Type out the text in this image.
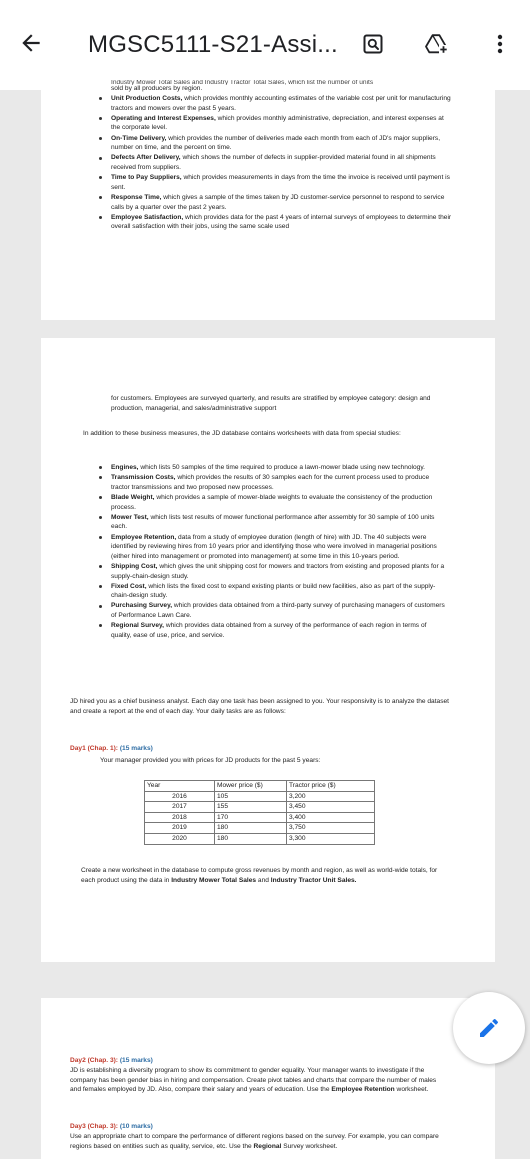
MGSC5111-S21-Assi...
Industry Mower Total Sales and Industry Tractor Total Sales, which list the number of units
sold by all producers by region.
Unit Production Costs, which provides monthly accounting estimates of the variable cost per unit for manufacturing tractors and mowers over the past 5 years.
Operating and Interest Expenses, which provides monthly administrative, depreciation, and interest expenses at the corporate level.
On-Time Delivery, which provides the number of deliveries made each month from each of JD's major suppliers, number on time, and the percent on time.
Defects After Delivery, which shows the number of defects in supplier-provided material found in all shipments received from suppliers.
Time to Pay Suppliers, which provides measurements in days from the time the invoice is received until payment is sent.
Response Time, which gives a sample of the times taken by JD customer-service personnel to respond to service calls by a quarter over the past 2 years.
Employee Satisfaction, which provides data for the past 4 years of internal surveys of employees to determine their overall satisfaction with their jobs, using the same scale used
for customers. Employees are surveyed quarterly, and results are stratified by employee category: design and production, managerial, and sales/administrative support
In addition to these business measures, the JD database contains worksheets with data from special studies:
Engines, which lists 50 samples of the time required to produce a lawn-mower blade using new technology.
Transmission Costs, which provides the results of 30 samples each for the current process used to produce tractor transmissions and two proposed new processes.
Blade Weight, which provides a sample of mower-blade weights to evaluate the consistency of the production process.
Mower Test, which lists test results of mower functional performance after assembly for 30 sample of 100 units each.
Employee Retention, data from a study of employee duration (length of hire) with JD. The 40 subjects were identified by reviewing hires from 10 years prior and identifying those who were involved in managerial positions (either hired into management or promoted into management) at some time in this 10-years period.
Shipping Cost, which gives the unit shipping cost for mowers and tractors from existing and proposed plants for a supply-chain-design study.
Fixed Cost, which lists the fixed cost to expand existing plants or build new facilities, also as part of the supply-chain-design study.
Purchasing Survey, which provides data obtained from a third-party survey of purchasing managers of customers of Performance Lawn Care.
Regional Survey, which provides data obtained from a survey of the performance of each region in terms of quality, ease of use, price, and service.
JD hired you as a chief business analyst. Each day one task has been assigned to you. Your responsivity is to analyze the dataset and create a report at the end of each day. Your daily tasks are as follows:
Day1 (Chap. 1): (15 marks)
Your manager provided you with prices for JD products for the past 5 years:
Year	Mower price ($)	Tractor price ($)
2016	105	3,200
2017	155	3,450
2018	170	3,400
2019	180	3,750
2020	180	3,300
Create a new worksheet in the database to compute gross revenues by month and region, as well as world-wide totals, for each product using the data in Industry Mower Total Sales and Industry Tractor Unit Sales.
Day2 (Chap. 3): (15 marks)
JD is establishing a diversity program to show its commitment to gender equality. Your manager wants to investigate if the company has been gender bias in hiring and compensation. Create pivot tables and charts that compare the number of males and females employed by JD. Also, compare their salary and years of education. Use the Employee Retention worksheet.
Day3 (Chap. 3): (10 marks)
Use an appropriate chart to compare the performance of different regions based on the survey. For example, you can compare regions based on entities such as quality, service, etc. Use the Regional Survey worksheet.
